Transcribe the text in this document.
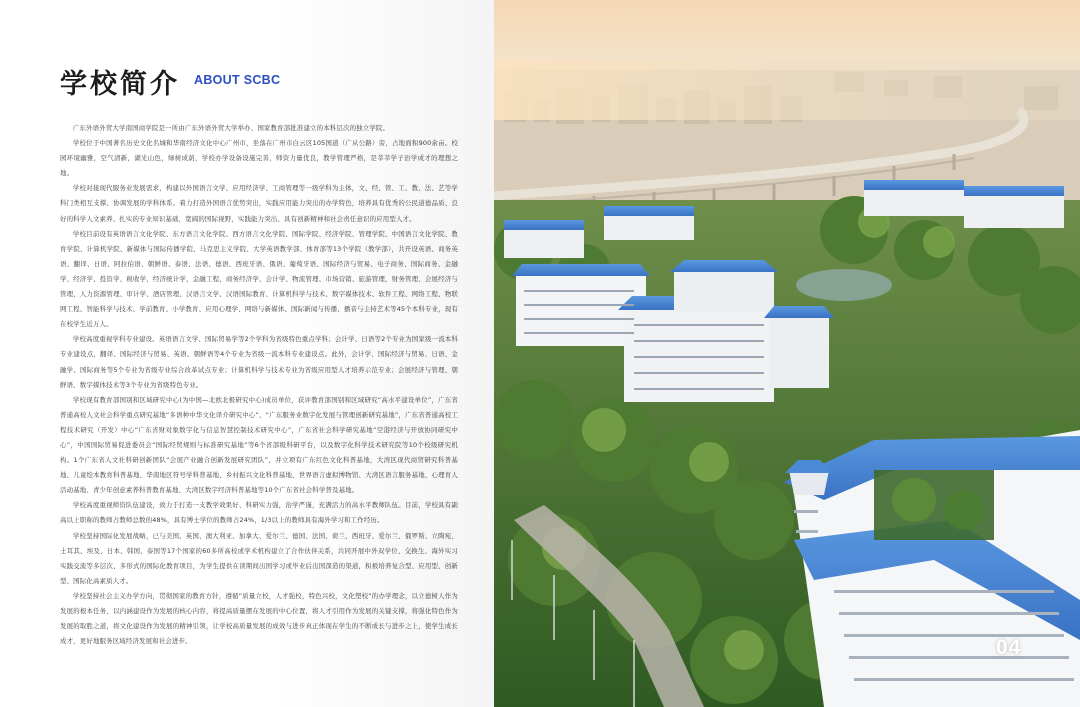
学校简介 ABOUT SCBC

广东外语外贸大学南国商学院是一所由广东外语外贸大学举办、国家教育部批准建立的本科层次的独立学院。

学校位于中国著名历史文化名城和华南经济文化中心广州市，坐落在广州市白云区105国道（广从公路）旁，占地面积900余亩。校园环境幽雅，空气清新，湖光山色，绿树成荫，学校办学设备设施完善，师资力量优良，教学管理严格，是莘莘学子治学成才的理想之地。

学校对接现代服务业发展需求，构建以外国语言文学、应用经济学、工商管理等一级学科为主体，文、经、管、工、教、法、艺等学科门类相互支撑、协调发展的学科体系。着力打造外国语言优势突出，实践应用能力突出的办学特色，培养具有优秀的公民道德品质、良好的科学人文素养、扎实的专业知识基础，宽阔的国际视野，实践能力突出、具有创新精神和社会责任意识的应用型人才。

学校目前设有英语语言文化学院、东方语言文化学院、西方语言文化学院、国际学院、经济学院、管理学院、中国语言文化学院、教育学院、计算机学院、新媒体与国际传播学院、马克思主义学院、大学英语教学部、体育部等13个学院（教学部），共开设英语、商务英语、翻译、日语、阿拉伯语、朝鲜语、泰语、法语、德语、西班牙语、俄语、葡萄牙语、国际经济与贸易、电子商务、国际商务、金融学、经济学、投资学、税收学、经济统计学、金融工程、商务经济学、会计学、物流管理、市场营销、旅游管理、财务管理、会展经济与管理、人力资源管理、审计学、酒店管理、汉语言文学、汉语国际教育、计算机科学与技术、数字媒体技术、软件工程、网络工程、物联网工程、智能科学与技术、学前教育、小学教育、应用心理学、网络与新媒体、国际新闻与传播、播音与主持艺术等45个本科专业，现有在校学生近万人。

学校高度重视学科专业建设。英语语言文学、国际贸易学等2个学科为省级特色重点学科；会计学、日语等2个专业为国家级一流本科专业建设点，翻译、国际经济与贸易、英语、朝鲜语等4个专业为省级一流本科专业建设点。此外，会计学、国际经济与贸易、日语、金融学、国际商务等5个专业为省级专业综合改革试点专业；计算机科学与技术专业为省级应用型人才培养示范专业；会展经济与管理、朝鲜语、数字媒体技术等3个专业为省级特色专业。

学校现有教育部国别和区域研究中心(为中国—北欧北极研究中心)成员单位，获评教育部国别和区域研究“高水平建设单位”，广东省普通高校人文社会科学重点研究基地“多语种中华文化译介研究中心”、“广东服务业数字化发展与管理创新研究基地”，广东省普通高校工程技术研究（开发）中心“广东省财对象数字化与信息智慧控制技术研究中心”，广东省社会科学研究基地“空港经济与开放协同研究中心”，中国国际贸易促进委员会“国际经贸规则与标准研究基地”等6个省部级科研平台，以及数字化科学技术研究院等10个校级研究机构。1个广东省人文社科研创新团队“会展产业融合创新发展研究团队”，并立项有广东红色文化科普基地，大湾区现代商贸研究科普基地、儿童绘本教育科普基地、华南地区符号学科普基地、乡村振兴文化科普基地、世界语言虚拟博物馆、大湾区语言服务基地、心理育人活动基地、青少年创意素养科普教育基地、大湾区数字经济科普基地等10个广东省社会科学普及基地。

学校高度重视师资队伍建设，致力于打造一支教学效果好、科研实力强，治学严谨，充满活力的高水平教师队伍。目前，学校具有副高以上职称的教师占教师总数的48%，具有博士学位的教师占24%，1/3以上的教师具有海外学习和工作经历。

学校坚持国际化发展战略，已与美国、英国、澳大利亚、加拿大、爱尔兰、德国、法国、荷兰、西班牙、爱尔兰、俄罗斯、立陶宛、土耳其、埃及、日本、韩国、泰国等17个国家的60多所高校或学术机构建立了合作伙伴关系，共同开展中外双学位、交换生、海外实习实践交流等多层次、多形式的国际化教育项目，为学生提供在读期间出国学习或毕业后出国深造的渠道，积极培养复合型、应用型、创新型、国际化高素质人才。

学校坚持社会主义办学方向，贯彻国家的教育方针，遵循“质量立校，人才强校，特色兴校，文化塑校”的办学理念，以立德树人作为发展的根本任务，以内涵建设作为发展的核心内容，将提高质量摆在发展的中心位置，将人才引用作为发展的关键支撑，将强化特色作为发展的取胜之道，将文化建设作为发展的精神引领，让学校高质量发展的成效与进步真正体现在学生的不断成长与进步之上，使学生成长成才，更好地服务区域经济发展和社会进步。	04
